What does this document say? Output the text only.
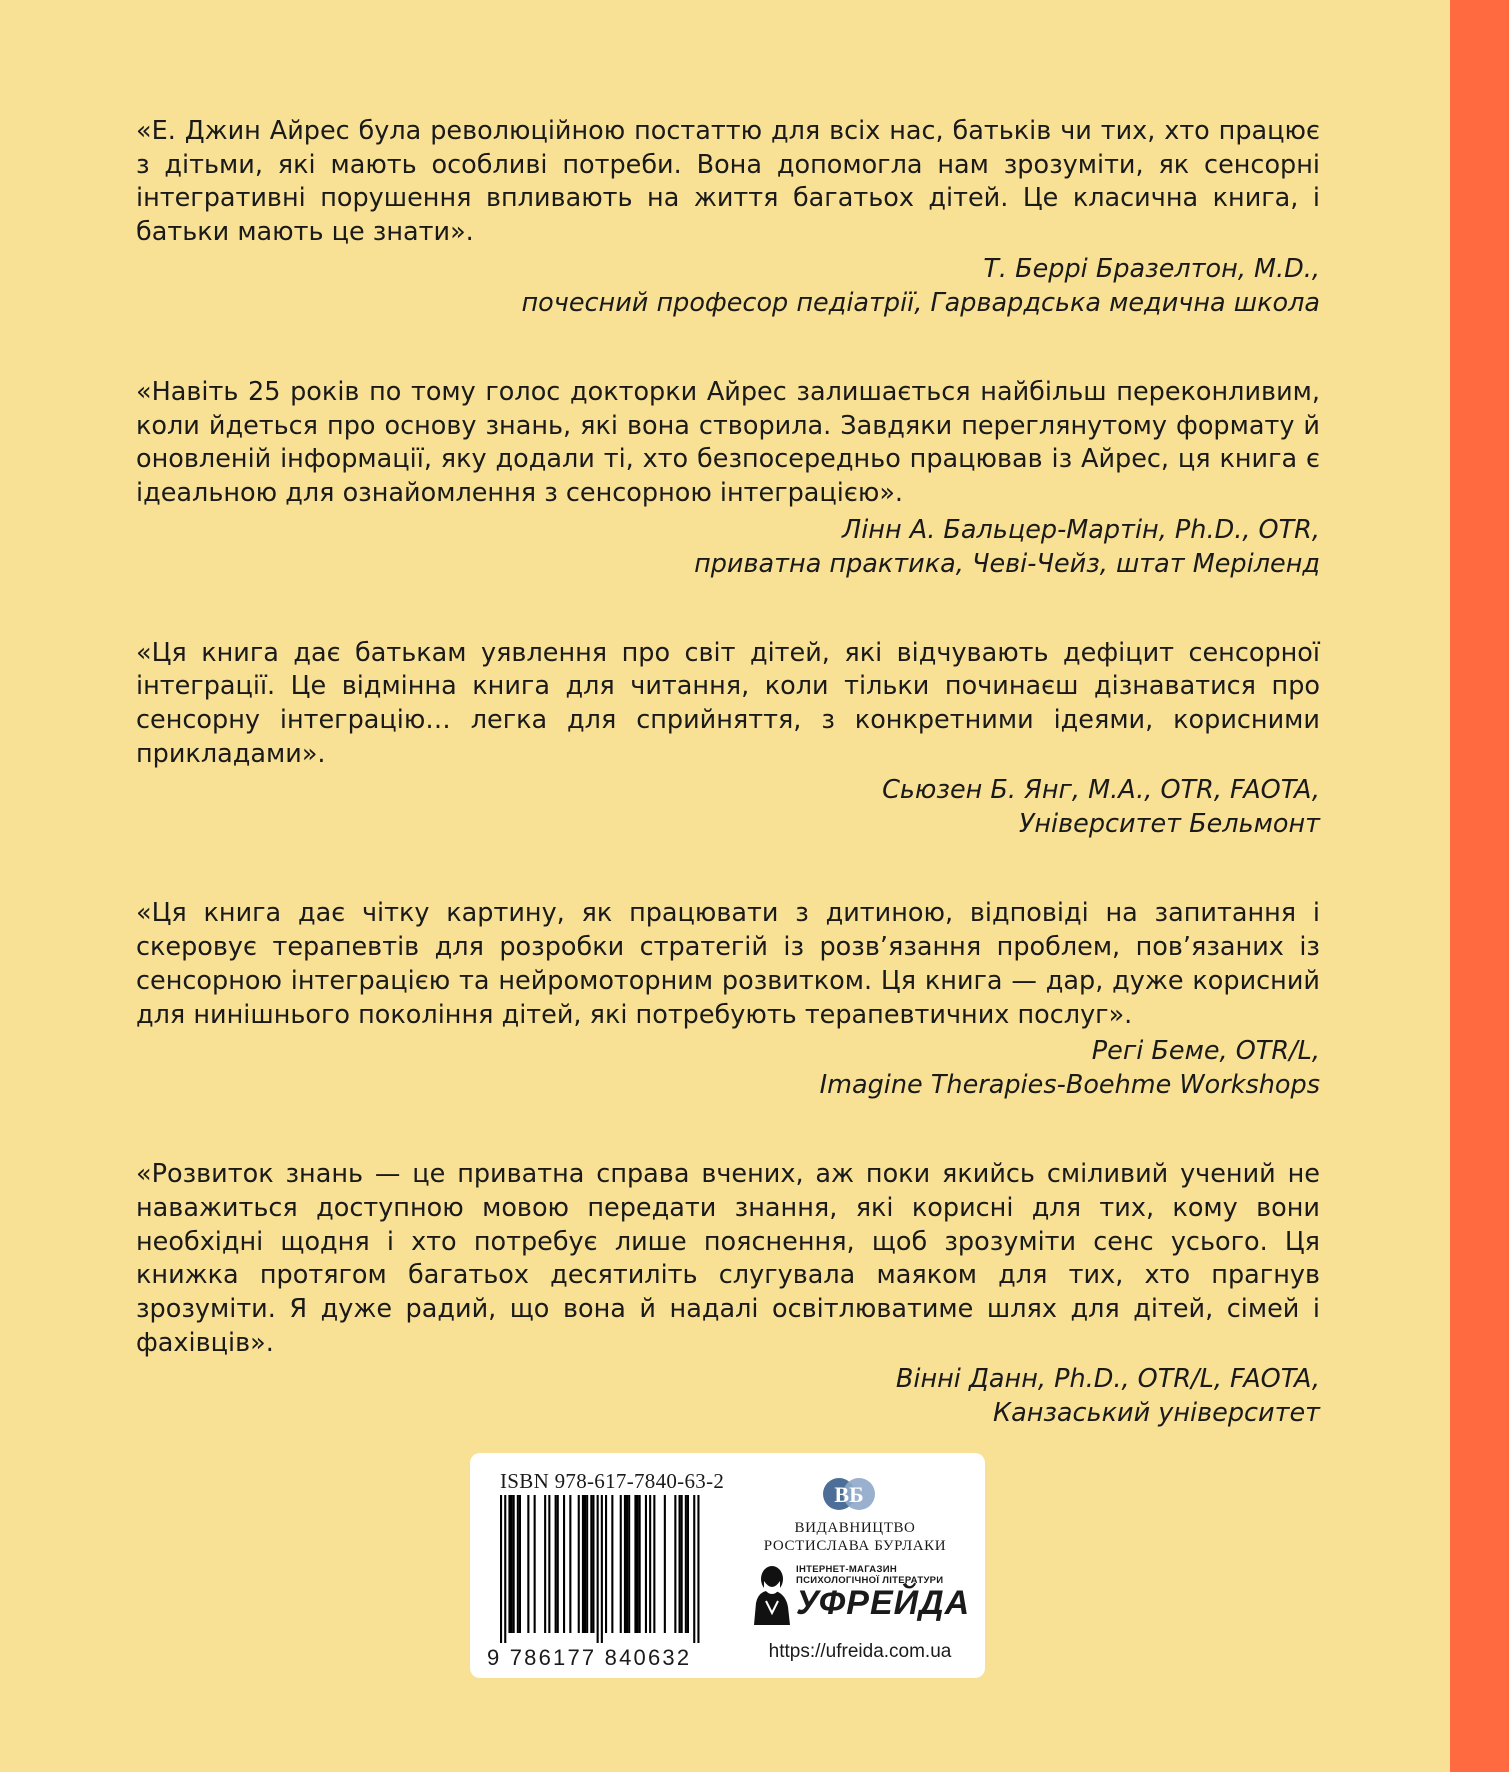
«Е. Джин Айрес була революційною постаттю для всіх нас, батьків чи тих, хто працює з дітьми, які мають особливі потреби. Вона допомогла нам зрозуміти, як сенсорні інтегративні порушення впливають на життя багатьох дітей. Це класична книга, і батьки мають це знати».

Т. Беррі Бразелтон, M.D.,
почесний професор педіатрії, Гарвардська медична школа

«Навіть 25 років по тому голос докторки Айрес залишається найбільш переконливим, коли йдеться про основу знань, які вона створила. Завдяки переглянутому формату й оновленій інформації, яку додали ті, хто безпосередньо працював із Айрес, ця книга є ідеальною для ознайомлення з сенсорною інтеграцією».

Лінн А. Бальцер-Мартін, Ph.D., OTR,
приватна практика, Чеві-Чейз, штат Меріленд

«Ця книга дає батькам уявлення про світ дітей, які відчувають дефіцит сенсорної інтеграції. Це відмінна книга для читання, коли тільки починаєш дізнаватися про сенсорну інтеграцію… легка для сприйняття, з конкретними ідеями, корисними прикладами».

Сьюзен Б. Янг, M.A., OTR, FAOTA,
Університет Бельмонт

«Ця книга дає чітку картину, як працювати з дитиною, відповіді на запитання і скеровує терапевтів для розробки стратегій із розв’язання проблем, пов’язаних із сенсорною інтеграцією та нейромоторним розвитком. Ця книга — дар, дуже корисний для нинішнього покоління дітей, які потребують терапевтичних послуг».

Регі Беме, OTR/L,
Imagine Therapies-Boehme Workshops

«Розвиток знань — це приватна справа вчених, аж поки якийсь сміливий учений не наважиться доступною мовою передати знання, які корисні для тих, кому вони необхідні щодня і хто потребує лише пояснення, щоб зрозуміти сенс усього. Ця книжка протягом багатьох десятиліть слугувала маяком для тих, хто прагнув зрозуміти. Я дуже радий, що вона й надалі освітлюватиме шлях для дітей, сімей і фахівців».

Вінні Данн, Ph.D., OTR/L, FAOTA,
Канзаський університет
ISBN 978-617-7840-63-2
9 786177 840632
ВБ
ВИДАВНИЦТВО
РОСТИСЛАВА БУРЛАКИ
ІНТЕРНЕТ-МАГАЗИН
ПСИХОЛОГІЧНОЇ ЛІТЕРАТУРИ
УФРЕЙДА
https://ufreida.com.ua
